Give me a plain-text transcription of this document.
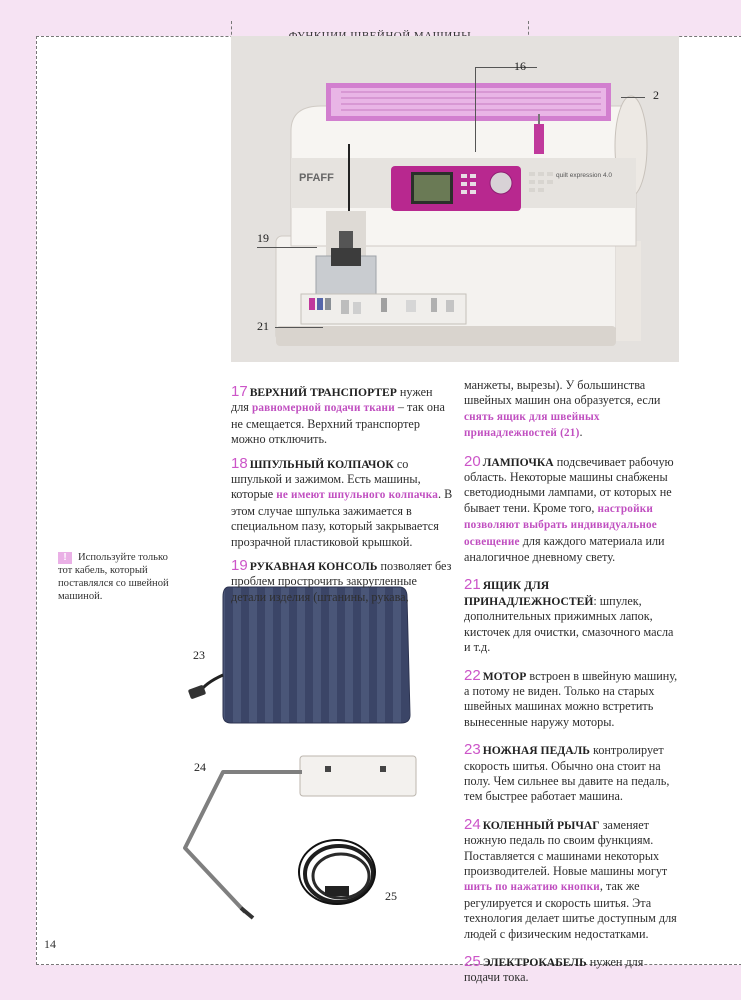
PFAFF	quilt expression 4.0
16
2
19
21
! Используйте только тот кабель, который поставлялся со швейной машиной.
23
24
25

17 ВЕРХНИЙ ТРАНСПОРТЕР нужен для равномерной подачи ткани – так она не смещается. Верхний транспортер можно отключить.

18 ШПУЛЬНЫЙ КОЛПАЧОК со шпулькой и зажимом. Есть машины, которые не имеют шпульного колпачка. В этом случае шпулька зажимается в специальном пазу, который закрывается прозрачной пластиковой крышкой.

19 РУКАВНАЯ КОНСОЛЬ позволяет без проблем прострочить закругленные детали изделия (штанины, рукава,

манжеты, вырезы). У большинства швейных машин она образуется, если снять ящик для швейных принадлежностей (21).

20 ЛАМПОЧКА подсвечивает рабочую область. Некоторые машины снабжены светодиодными лампами, от которых не бывает тени. Кроме того, настройки позволяют выбрать индивидуальное освещение для каждого материала или аналогичное дневному свету.

21 ЯЩИК ДЛЯ ПРИНАДЛЕЖНОСТЕЙ: шпулек, дополнительных прижимных лапок, кисточек для очистки, смазочного масла и т.д.

22 МОТОР встроен в швейную машину, а потому не виден. Только на старых швейных машинах можно встретить вынесенные наружу моторы.

23 НОЖНАЯ ПЕДАЛЬ контролирует скорость шитья. Обычно она стоит на полу. Чем сильнее вы давите на педаль, тем быстрее работает машина.

24 КОЛЕННЫЙ РЫЧАГ заменяет ножную педаль по своим функциям. Поставляется с машинами некоторых производителей. Новые машины могут шить по нажатию кнопки, так же регулируется и скорость шитья. Эта технология делает шитье доступным для людей с физическим недостатками.

25 ЭЛЕКТРОКАБЕЛЬ нужен для подачи тока.

14
